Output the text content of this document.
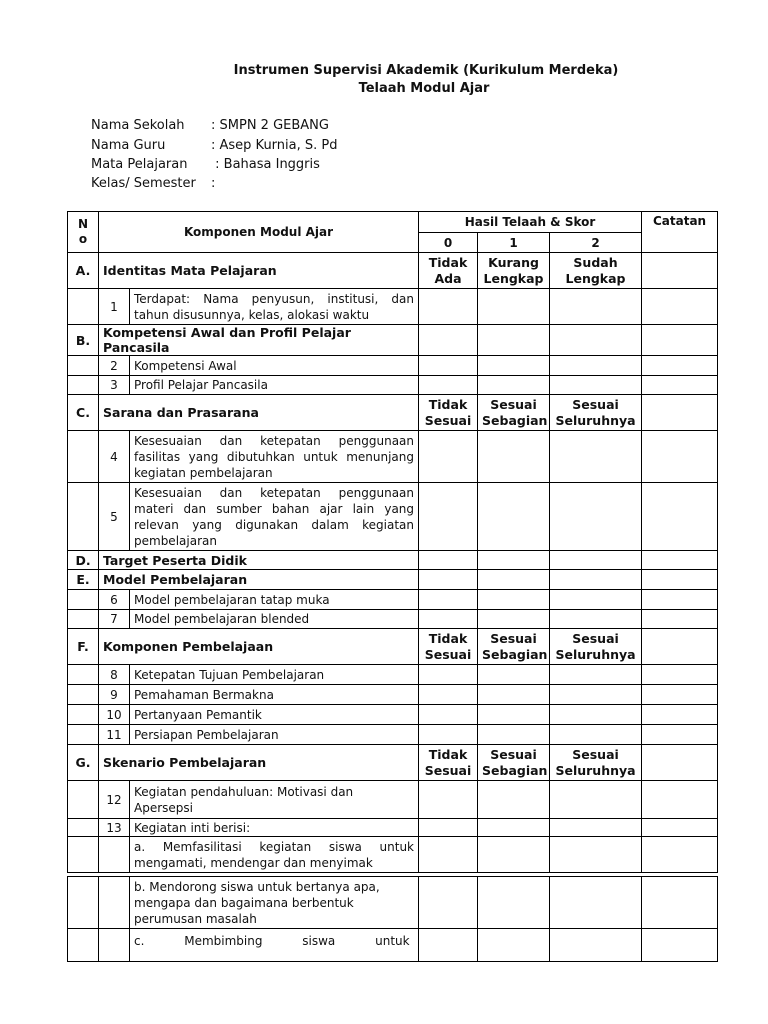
Instrumen Supervisi Akademik (Kurikulum Merdeka)
Telaah Modul Ajar
Nama Sekolah : SMPN 2 GEBANG
Nama Guru	: Asep Kurnia, S. Pd
Mata Pelajaran : Bahasa Inggris
Kelas/ Semester :
N
o	Komponen Modul Ajar		Hasil Telaah & Skor			Catatan
			0	1	2	
A.	Identitas Mata Pelajaran		Tidak Ada	Kurang Lengkap	Sudah Lengkap	
	1	Terdapat: Nama penyusun, institusi, dan tahun disusunnya, kelas, alokasi waktu				
B.	Kompetensi Awal dan Profil Pelajar Pancasila					
	2	Kompetensi Awal				
	3	Profil Pelajar Pancasila				
C.	Sarana dan Prasarana		Tidak Sesuai	Sesuai Sebagian	Sesuai Seluruhnya	
	4	Kesesuaian dan ketepatan penggunaan fasilitas yang dibutuhkan untuk menunjang kegiatan pembelajaran				
	5	Kesesuaian dan ketepatan penggunaan materi dan sumber bahan ajar lain yang relevan yang digunakan dalam kegiatan pembelajaran				
D.	Target Peserta Didik					
E.	Model Pembelajaran					
	6	Model pembelajaran tatap muka				
	7	Model pembelajaran blended				
F.	Komponen Pembelajaan		Tidak Sesuai	Sesuai Sebagian	Sesuai Seluruhnya	
	8	Ketepatan Tujuan Pembelajaran				
	9	Pemahaman Bermakna				
	10	Pertanyaan Pemantik				
	11	Persiapan Pembelajaran				
G.	Skenario Pembelajaran		Tidak Sesuai	Sesuai Sebagian	Sesuai Seluruhnya	
	12	Kegiatan pendahuluan: Motivasi dan Apersepsi				
	13	Kegiatan inti berisi:				
		a. Memfasilitasi kegiatan siswa untuk mengamati, mendengar dan menyimak				
		b. Mendorong siswa untuk bertanya apa, mengapa dan bagaimana berbentuk perumusan masalah				
		c. Membimbing siswa untuk				
